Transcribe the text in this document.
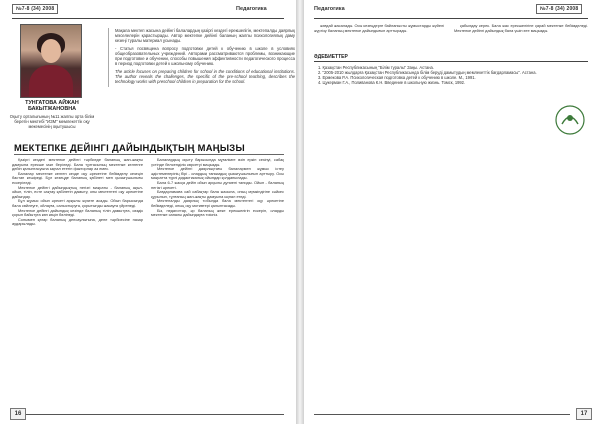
№7-8 (34) 2008	Педагогика
ТУНГАТОВА АЙЖАН
БАКЫТЖАНОВНА
Оқыту орталығының №11 жалпы орта білім беретін мектебі "ИЗМ" мемлекеттік оқу мекемесінің оқытушысы

Мақала мектеп жасына дейінгі балалардың қазіргі кездегі ерекшелігін, мектепалды даярлық мәселелерін қарастырады. Автор мектепке дейінгі баланың жалпы психологиялық даму кезеңі туралы материал ұсынады.

- Статья посвящена вопросу подготовки детей к обучению в школе в условиях общеобразовательных учреждений. Авторами рассматриваются проблемы, возникающие при подготовке и обучении, способы повышения эффективности педагогического процесса в период подготовки детей к школьному обучению.

The article focuses on preparing children for school in the conditions of educational institutions. The author reveals the challenges, the specific of the pre-school teaching, describes the technology works with preschool children in preparation for the school.

МЕКТЕПКЕ ДЕЙІНГІ ДАЙЫНДЫҚТЫҢ МАҢЫЗЫ

Қазіргі кездегі мектепке дейінгі тәрбиеде баланың жан-жақты дамуына ерекше мән беріледі. Бала тұлғасының мектепке келгенге дейін қалыптасуына ықпал ететін факторлар аз емес.

Балалар мектепке келген кезде оқу әрекетіне бейімделу кезеңін бастан кешіреді. Бұл кезеңде баланың қабілеті мен қызығушылығы ескеріледі.

Мектепке дейінгі дайындықтың негізгі мақсаты - баланың ақыл-ойын, тілін, есте сақтау қабілетін дамыту, оны мектептегі оқу әрекетіне дайындау.

Бұл жұмыс ойын әрекеті арқылы жүзеге асады. Ойын барысында бала сөйлеуге, ойлауға, салыстыруға, қорытынды жасауға үйренеді.

Мектепке дейінгі дайындық кезінде баланың тілін дамытуға, сөздік қорын байытуға көп көңіл бөлінеді.

Сонымен қатар баланың денсаулығына, дене тәрбиесіне назар аударылады.

Балалардың оқыту барысында мұғалімге өзін еркін сезінуі, сабақ үстінде белсенділік көрсетуі маңызды.

Мектепке дейінгі даярлықтағы балалармен жұмыс істеу әдістемелерінің бірі - олардың танымдық қызығушылығын арттыру. Осы мақсатта түрлі дидактикалық ойындар қолданылады.

Бала 6-7 жасқа дейін ойын арқылы дүниені таниды. Ойын - баланың негізгі әрекеті.

Бағдарламаға сай сабақтар бала жасына, оның мүмкіндігіне сәйкес құрылып, тұлғаның жан-жақты дамуына ықпал етеді.

Мектепалды даярлық тобында бала мектептегі оқу әрекетіне бейімделеді, оның оқу мотивтері қалыптасады.

Біз, педагогтар, әр баланың жеке ерекшелігін ескеріп, оларды мектепке сапалы дайындауға тиіспіз.

16
Педагогика	№7-8 (34) 2008

жағдай жасалады. Осы кезеңдерге байланысты жұмыстарды жүйелі жүргізу баланың мектепке дайындығын арттырады.

қабылдау керек. Бала жас ерекшелігіне қарай мектепке бейімделеді. Мектепке дейінгі дайындық бала үшін өте маңызды.

ӘДЕБИЕТТЕР
1. Қазақстан Республикасының "Білім туралы" Заңы. Астана.
2. "2005-2010 жылдарға Қазақстан Республикасында білім беруді дамытудың мемлекеттік бағдарламасы". Астана.
3. Ермекова Р.А. Психологическая подготовка детей к обучению в школе. М., 1991.
4. Цукерман Г.А., Поливанова К.Н. Введение в школьную жизнь. Томск, 1992.
17
